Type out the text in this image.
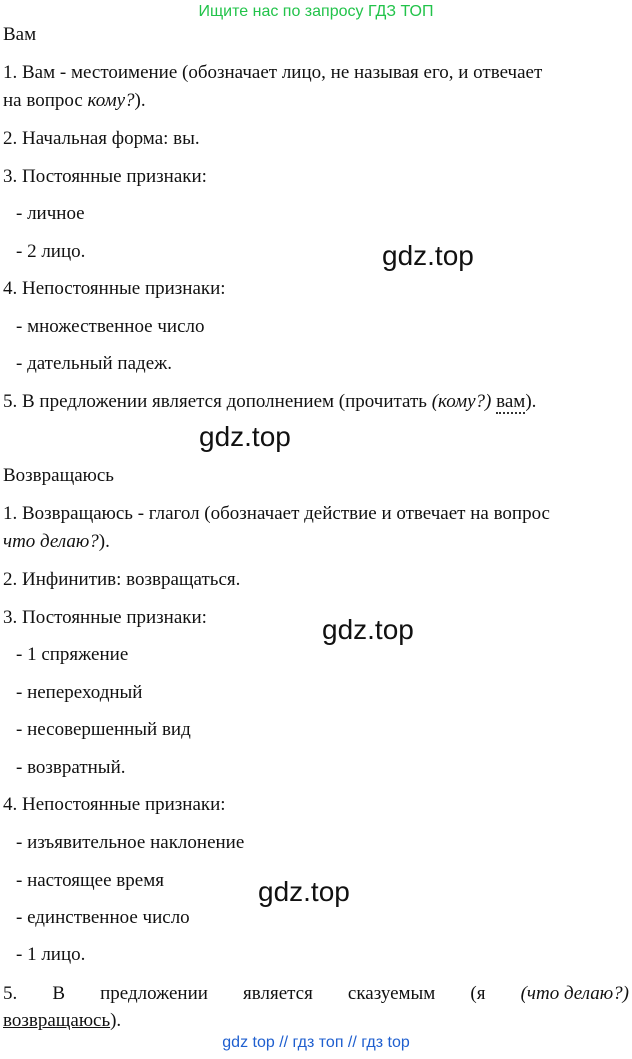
Ищите нас по запросу ГДЗ ТОП
Вам
1. Вам - местоимение (обозначает лицо, не называя его, и отвечает
на вопрос кому?).
2. Начальная форма: вы.
3. Постоянные признаки:
- личное
- 2 лицо.
4. Непостоянные признаки:
- множественное число
- дательный падеж.
5. В предложении является дополнением (прочитать (кому?) вам).
Возвращаюсь
1. Возвращаюсь - глагол (обозначает действие и отвечает на вопрос
что делаю?).
2. Инфинитив: возвращаться.
3. Постоянные признаки:
- 1 спряжение
- непереходный
- несовершенный вид
- возвратный.
4. Непостоянные признаки:
- изъявительное наклонение
- настоящее время
- единственное число
- 1 лицо.
5. В предложении является сказуемым (я (что делаю?)
возвращаюсь).
gdz.top
gdz.top
gdz.top
gdz.top
gdz top // гдз топ // гдз top
